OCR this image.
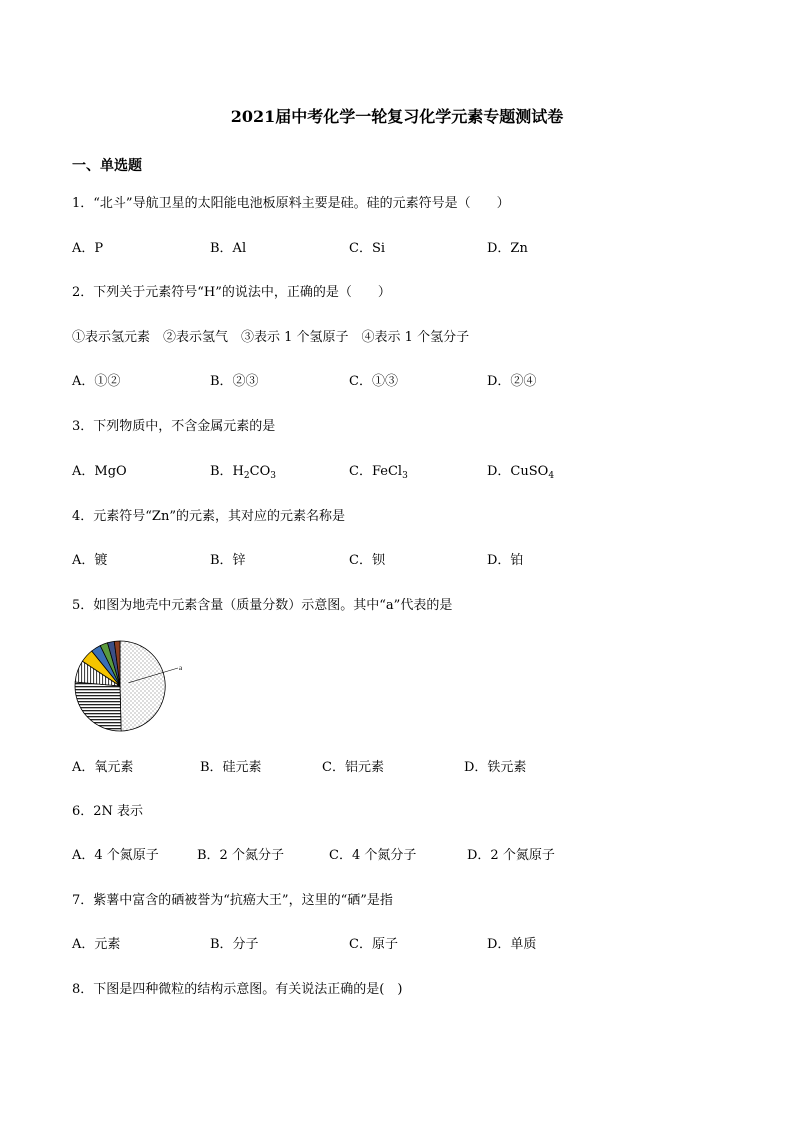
2021届中考化学一轮复习化学元素专题测试卷
一、单选题
1．“北斗”导航卫星的太阳能电池板原料主要是硅。硅的元素符号是（　　）
A．P	B．Al	C．Si	D．Zn
2．下列关于元素符号“H”的说法中，正确的是（　　）
①表示氢元素　②表示氢气　③表示 1 个氢原子　④表示 1 个氢分子
A．①②	B．②③	C．①③	D．②④
3．下列物质中，不含金属元素的是
A．MgO	B．$H_2CO_3$	C．FeCl$_3$	D．CuSO$_4$
4．元素符号“Zn”的元素，其对应的元素名称是
A．镀	B．锌	C．钡	D．铂
5．如图为地壳中元素含量（质量分数）示意图。其中“a”代表的是
a
A．氧元素	B．硅元素	C．铝元素	D．铁元素
6．2N 表示
A．4 个氮原子	B．2 个氮分子	C．4 个氮分子	D．2 个氮原子
7．紫薯中富含的硒被誉为“抗癌大王”，这里的“硒”是指
A．元素	B．分子	C．原子	D．单质
8．下图是四种微粒的结构示意图。有关说法正确的是(　)
